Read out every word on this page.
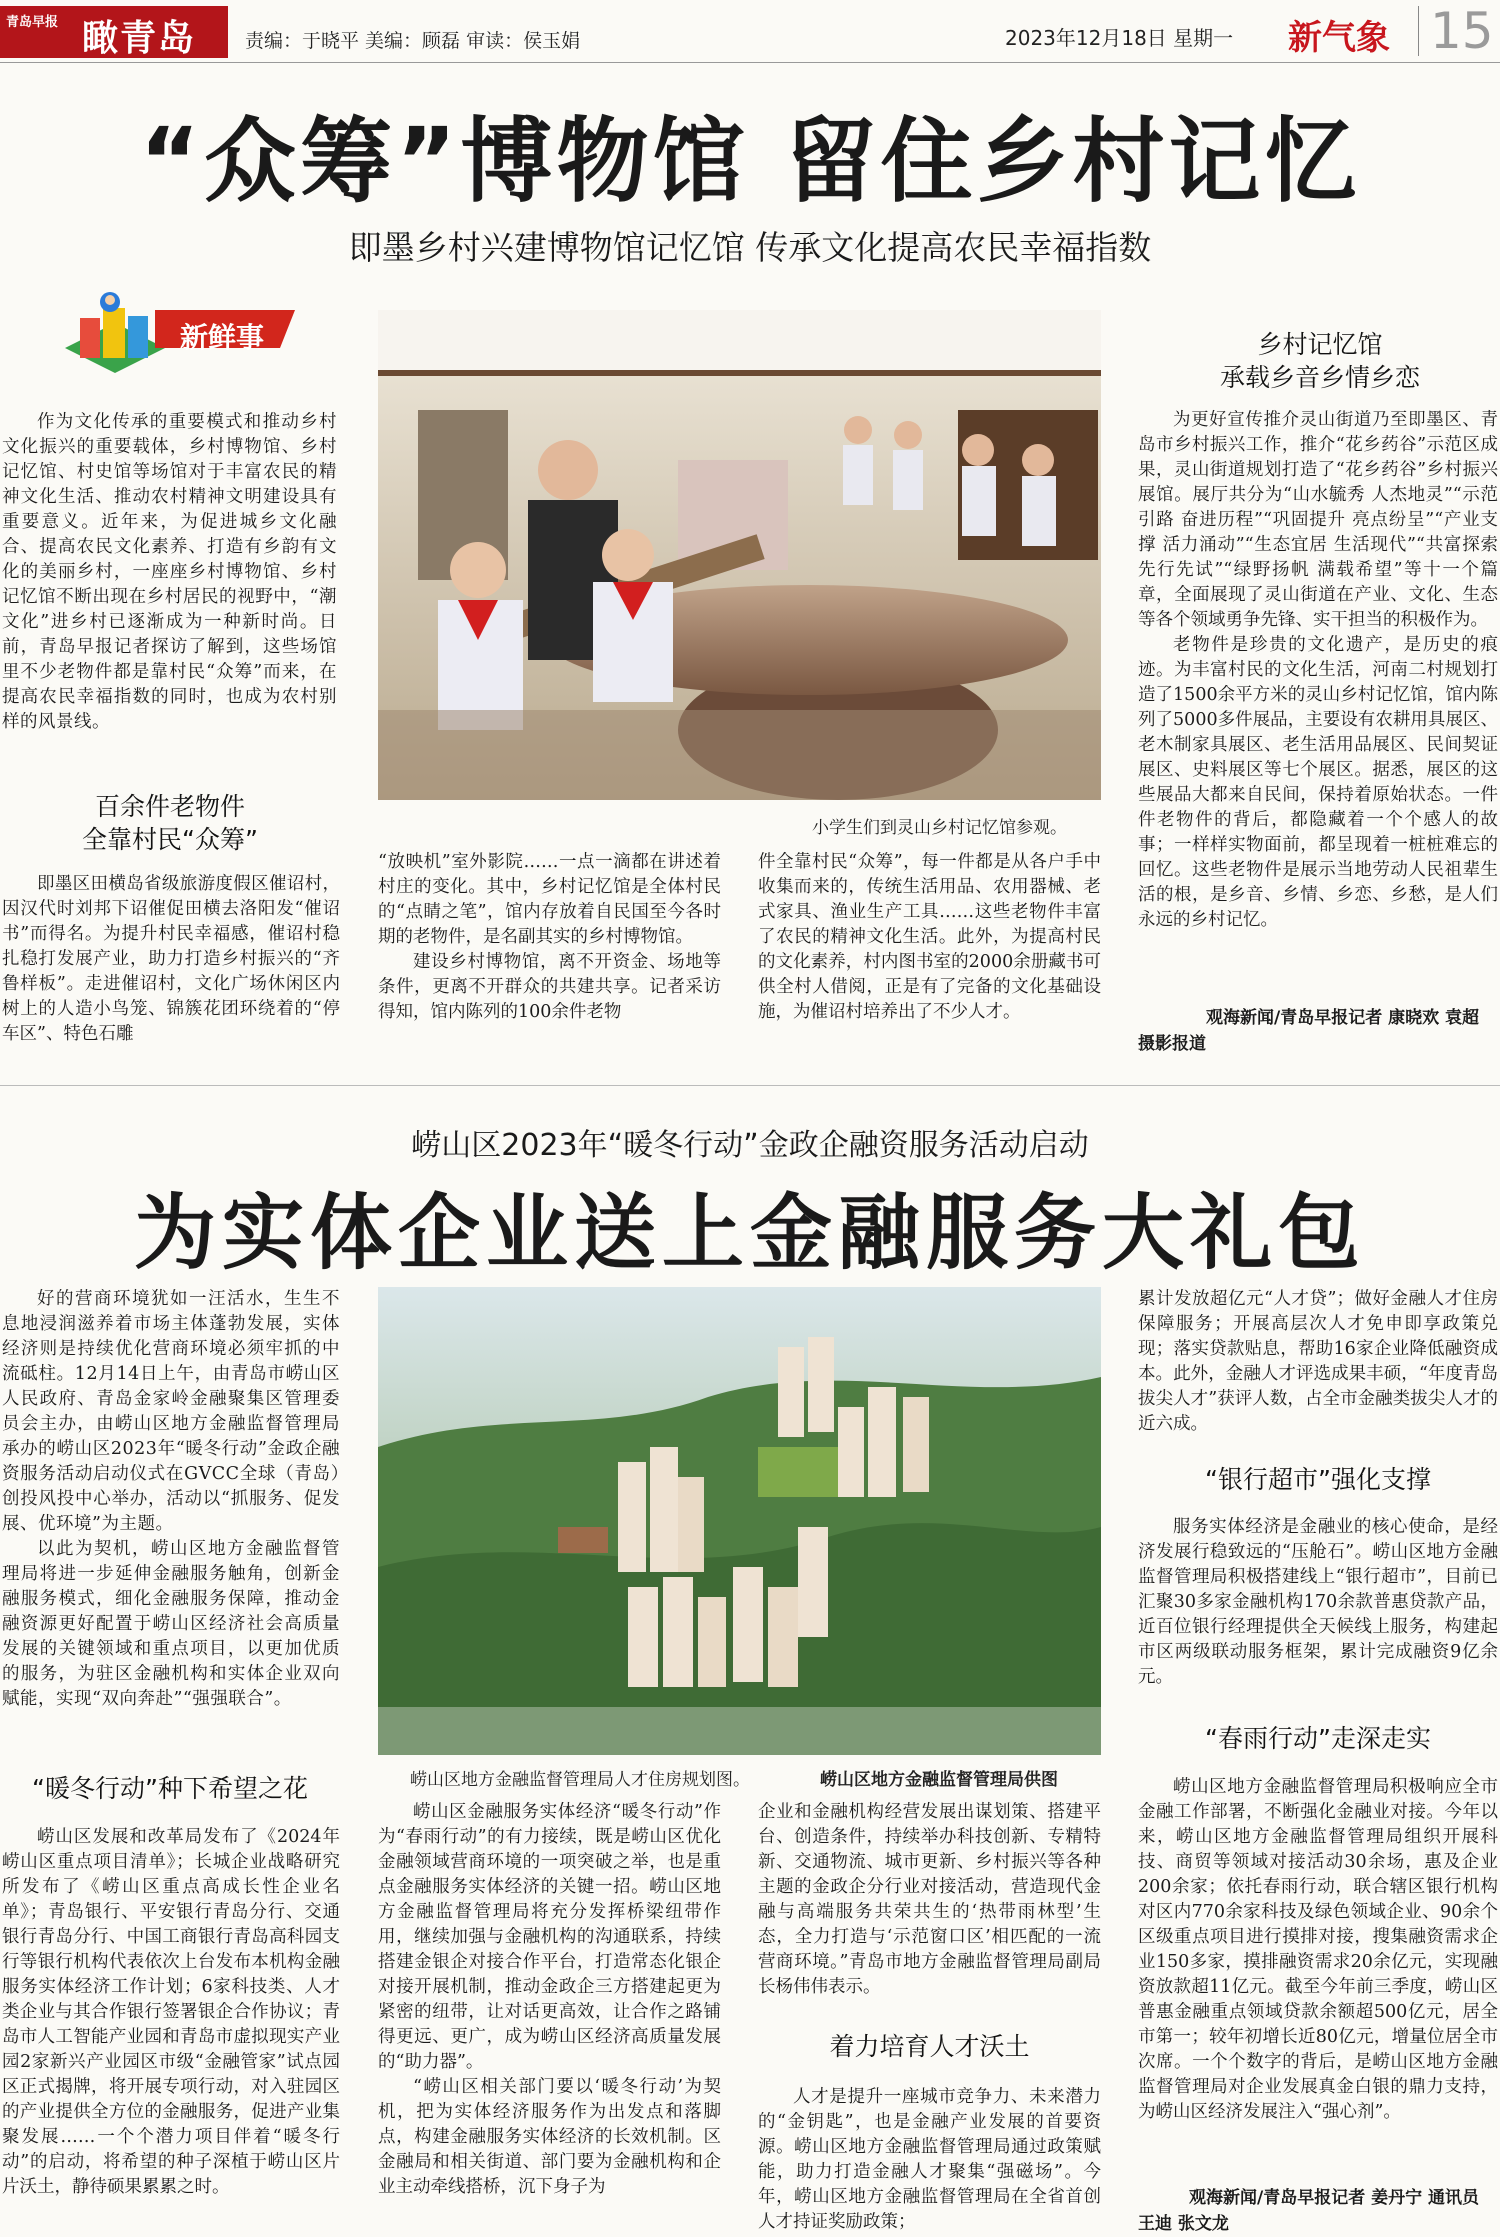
青岛早报 瞰青岛	责编：于晓平 美编：顾磊 审读：侯玉娟	2023年12月18日 星期一 新气象 15
“众筹”博物馆 留住乡村记忆
即墨乡村兴建博物馆记忆馆 传承文化提高农民幸福指数
新鲜事

作为文化传承的重要模式和推动乡村文化振兴的重要载体，乡村博物馆、乡村记忆馆、村史馆等场馆对于丰富农民的精神文化生活、推动农村精神文明建设具有重要意义。近年来，为促进城乡文化融合、提高农民文化素养、打造有乡韵有文化的美丽乡村，一座座乡村博物馆、乡村记忆馆不断出现在乡村居民的视野中，“潮文化”进乡村已逐渐成为一种新时尚。日前，青岛早报记者探访了解到，这些场馆里不少老物件都是靠村民“众筹”而来，在提高农民幸福指数的同时，也成为农村别样的风景线。

小学生们到灵山乡村记忆馆参观。
百余件老物件
全靠村民“众筹”

即墨区田横岛省级旅游度假区催诏村，因汉代时刘邦下诏催促田横去洛阳发“催诏书”而得名。为提升村民幸福感，催诏村稳扎稳打发展产业，助力打造乡村振兴的“齐鲁样板”。走进催诏村，文化广场休闲区内树上的人造小鸟笼、锦簇花团环绕着的“停车区”、特色石雕

“放映机”室外影院……一点一滴都在讲述着村庄的变化。其中，乡村记忆馆是全体村民的“点睛之笔”，馆内存放着自民国至今各时期的老物件，是名副其实的乡村博物馆。

建设乡村博物馆，离不开资金、场地等条件，更离不开群众的共建共享。记者采访得知，馆内陈列的100余件老物

件全靠村民“众筹”，每一件都是从各户手中收集而来的，传统生活用品、农用器械、老式家具、渔业生产工具……这些老物件丰富了农民的精神文化生活。此外，为提高村民的文化素养，村内图书室的2000余册藏书可供全村人借阅，正是有了完备的文化基础设施，为催诏村培养出了不少人才。

乡村记忆馆
承载乡音乡情乡恋

为更好宣传推介灵山街道乃至即墨区、青岛市乡村振兴工作，推介“花乡药谷”示范区成果，灵山街道规划打造了“花乡药谷”乡村振兴展馆。展厅共分为“山水毓秀 人杰地灵”“示范引路 奋进历程”“巩固提升 亮点纷呈”“产业支撑 活力涌动”“生态宜居 生活现代”“共富探索 先行先试”“绿野扬帆 满载希望”等十一个篇章，全面展现了灵山街道在产业、文化、生态等各个领域勇争先锋、实干担当的积极作为。

老物件是珍贵的文化遗产，是历史的痕迹。为丰富村民的文化生活，河南二村规划打造了1500余平方米的灵山乡村记忆馆，馆内陈列了5000多件展品，主要设有农耕用具展区、老木制家具展区、老生活用品展区、民间契证展区、史料展区等七个展区。据悉，展区的这些展品大都来自民间，保持着原始状态。一件件老物件的背后，都隐藏着一个个感人的故事；一样样实物面前，都呈现着一桩桩难忘的回忆。这些老物件是展示当地劳动人民祖辈生活的根，是乡音、乡情、乡恋、乡愁，是人们永远的乡村记忆。

观海新闻/青岛早报记者 康晓欢 袁超 摄影报道
崂山区2023年“暖冬行动”金政企融资服务活动启动
为实体企业送上金融服务大礼包

好的营商环境犹如一汪活水，生生不息地浸润滋养着市场主体蓬勃发展，实体经济则是持续优化营商环境必须牢抓的中流砥柱。12月14日上午，由青岛市崂山区人民政府、青岛金家岭金融聚集区管理委员会主办，由崂山区地方金融监督管理局承办的崂山区2023年“暖冬行动”金政企融资服务活动启动仪式在GVCC全球（青岛）创投风投中心举办，活动以“抓服务、促发展、优环境”为主题。

以此为契机，崂山区地方金融监督管理局将进一步延伸金融服务触角，创新金融服务模式，细化金融服务保障，推动金融资源更好配置于崂山区经济社会高质量发展的关键领域和重点项目，以更加优质的服务，为驻区金融机构和实体企业双向赋能，实现“双向奔赴”“强强联合”。

“暖冬行动”种下希望之花

崂山区发展和改革局发布了《2024年崂山区重点项目清单》；长城企业战略研究所发布了《崂山区重点高成长性企业名单》；青岛银行、平安银行青岛分行、交通银行青岛分行、中国工商银行青岛高科园支行等银行机构代表依次上台发布本机构金融服务实体经济工作计划；6家科技类、人才类企业与其合作银行签署银企合作协议；青岛市人工智能产业园和青岛市虚拟现实产业园2家新兴产业园区市级“金融管家”试点园区正式揭牌，将开展专项行动，对入驻园区的产业提供全方位的金融服务，促进产业集聚发展……一个个潜力项目伴着“暖冬行动”的启动，将希望的种子深植于崂山区片片沃土，静待硕果累累之时。

崂山区地方金融监督管理局人才住房规划图。	崂山区地方金融监督管理局供图

崂山区金融服务实体经济“暖冬行动”作为“春雨行动”的有力接续，既是崂山区优化金融领域营商环境的一项突破之举，也是重点金融服务实体经济的关键一招。崂山区地方金融监督管理局将充分发挥桥梁纽带作用，继续加强与金融机构的沟通联系，持续搭建金银企对接合作平台，打造常态化银企对接开展机制，推动金政企三方搭建起更为紧密的纽带，让对话更高效，让合作之路铺得更远、更广，成为崂山区经济高质量发展的“助力器”。

“崂山区相关部门要以‘暖冬行动’为契机，把为实体经济服务作为出发点和落脚点，构建金融服务实体经济的长效机制。区金融局和相关街道、部门要为金融机构和企业主动牵线搭桥，沉下身子为

企业和金融机构经营发展出谋划策、搭建平台、创造条件，持续举办科技创新、专精特新、交通物流、城市更新、乡村振兴等各种主题的金政企分行业对接活动，营造现代金融与高端服务共荣共生的‘热带雨林型’生态，全力打造与‘示范窗口区’相匹配的一流营商环境。”青岛市地方金融监督管理局副局长杨伟伟表示。

着力培育人才沃土

人才是提升一座城市竞争力、未来潜力的“金钥匙”，也是金融产业发展的首要资源。崂山区地方金融监督管理局通过政策赋能，助力打造金融人才聚集“强磁场”。今年，崂山区地方金融监督管理局在全省首创人才持证奖励政策；

累计发放超亿元“人才贷”；做好金融人才住房保障服务；开展高层次人才免申即享政策兑现；落实贷款贴息，帮助16家企业降低融资成本。此外，金融人才评选成果丰硕，“年度青岛拔尖人才”获评人数，占全市金融类拔尖人才的近六成。

“银行超市”强化支撑

服务实体经济是金融业的核心使命，是经济发展行稳致远的“压舱石”。崂山区地方金融监督管理局积极搭建线上“银行超市”，目前已汇聚30多家金融机构170余款普惠贷款产品，近百位银行经理提供全天候线上服务，构建起市区两级联动服务框架，累计完成融资9亿余元。

“春雨行动”走深走实

崂山区地方金融监督管理局积极响应全市金融工作部署，不断强化金融业对接。今年以来，崂山区地方金融监督管理局组织开展科技、商贸等领域对接活动30余场，惠及企业200余家；依托春雨行动，联合辖区银行机构对区内770余家科技及绿色领域企业、90余个区级重点项目进行摸排对接，搜集融资需求企业150多家，摸排融资需求20余亿元，实现融资放款超11亿元。截至今年前三季度，崂山区普惠金融重点领域贷款余额超500亿元，居全市第一；较年初增长近80亿元，增量位居全市次席。一个个数字的背后，是崂山区地方金融监督管理局对企业发展真金白银的鼎力支持，为崂山区经济发展注入“强心剂”。

观海新闻/青岛早报记者 姜丹宁 通讯员 王迪 张文龙
